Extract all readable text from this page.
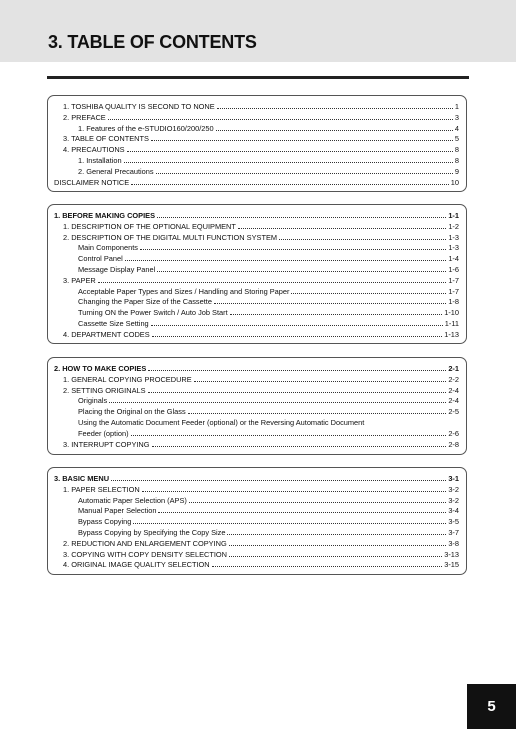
3. TABLE OF CONTENTS
1. TOSHIBA QUALITY IS SECOND TO NONE	1
2. PREFACE	3
1. Features of the e-STUDIO160/200/250	4
3. TABLE OF CONTENTS	5
4. PRECAUTIONS	8
1. Installation	8
2. General Precautions	9
DISCLAIMER NOTICE	10
1. BEFORE MAKING COPIES	1-1
1. DESCRIPTION OF THE OPTIONAL EQUIPMENT	1-2
2. DESCRIPTION OF THE DIGITAL MULTI FUNCTION SYSTEM	1-3
Main Components	1-3
Control Panel	1-4
Message Display Panel	1-6
3. PAPER	1-7
Acceptable Paper Types and Sizes / Handling and Storing Paper	1-7
Changing the Paper Size of the Cassette	1-8
Turning ON the Power Switch / Auto Job Start	1-10
Cassette Size Setting	1-11
4. DEPARTMENT CODES	1-13
2. HOW TO MAKE COPIES	2-1
1. GENERAL COPYING PROCEDURE	2-2
2. SETTING ORIGINALS	2-4
Originals	2-4
Placing the Original on the Glass	2-5
Using the Automatic Document Feeder (optional) or the Reversing Automatic Document
Feeder (option)	2-6
3. INTERRUPT COPYING	2-8
3. BASIC MENU	3-1
1. PAPER SELECTION	3-2
Automatic Paper Selection (APS)	3-2
Manual Paper Selection	3-4
Bypass Copying	3-5
Bypass Copying by Specifying the Copy Size	3-7
2. REDUCTION AND ENLARGEMENT COPYING	3-8
3. COPYING WITH COPY DENSITY SELECTION	3-13
4. ORIGINAL IMAGE QUALITY SELECTION	3-15
5
